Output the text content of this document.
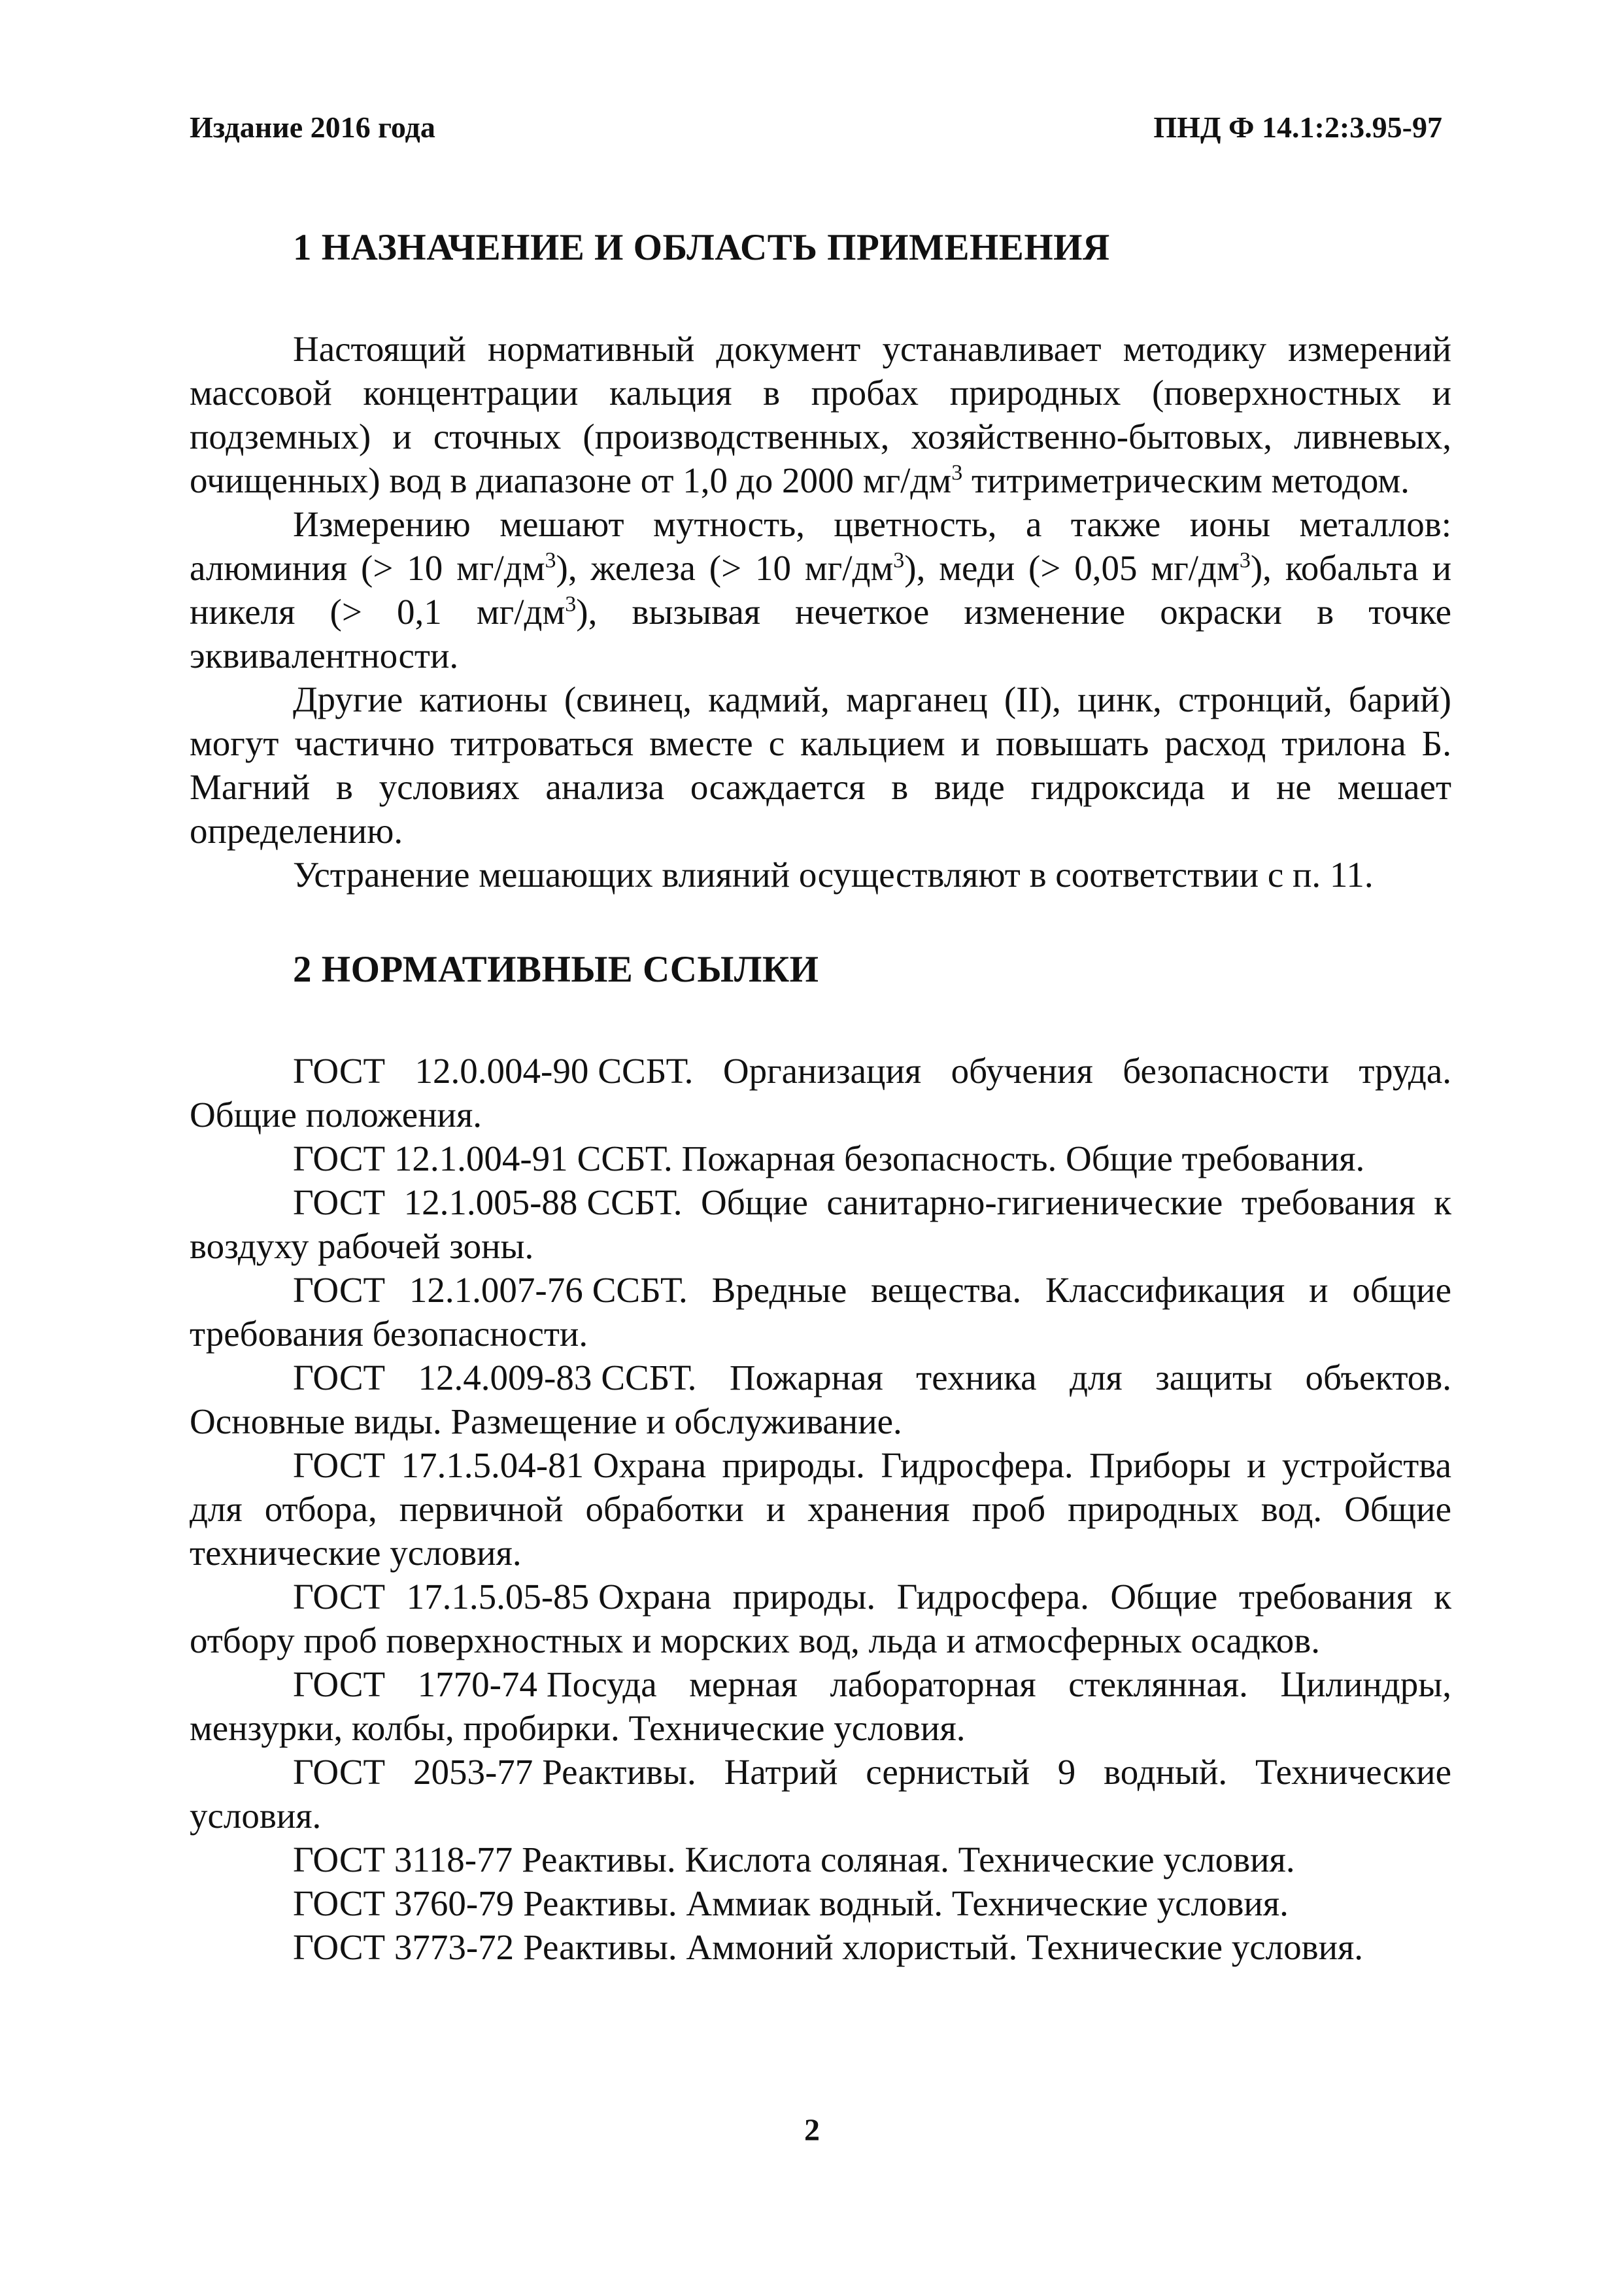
Издание 2016 года	ПНД Ф 14.1:2:3.95-97
1 НАЗНАЧЕНИЕ И ОБЛАСТЬ ПРИМЕНЕНИЯ

Настоящий нормативный документ устанавливает методику измерений массовой концентрации кальция в пробах природных (поверхностных и подземных) и сточных (производственных, хозяйственно-бытовых, ливневых, очищенных) вод в диапазоне от 1,0 до 2000 $мг/дм^3$ титриметрическим методом.

Измерению мешают мутность, цветность, а также ионы металлов: алюминия (> 10 $мг/дм^3$), железа (> 10 $мг/дм^3$), меди (> 0,05 $мг/дм^3$), кобальта и никеля (> 0,1 $мг/дм^3$), вызывая нечеткое изменение окраски в точке эквивалентности.

Другие катионы (свинец, кадмий, марганец (II), цинк, стронций, барий) могут частично титроваться вместе с кальцием и повышать расход трилона Б. Магний в условиях анализа осаждается в виде гидроксида и не мешает определению.

Устранение мешающих влияний осуществляют в соответствии с п. 11.

2 НОРМАТИВНЫЕ ССЫЛКИ

ГОСТ 12.0.004-90 ССБТ. Организация обучения безопасности труда. Общие положения.

ГОСТ 12.1.004-91 ССБТ. Пожарная безопасность. Общие требования.

ГОСТ 12.1.005-88 ССБТ. Общие санитарно-гигиенические требования к воздуху рабочей зоны.

ГОСТ 12.1.007-76 ССБТ. Вредные вещества. Классификация и общие требования безопасности.

ГОСТ 12.4.009-83 ССБТ. Пожарная техника для защиты объектов. Основные виды. Размещение и обслуживание.

ГОСТ 17.1.5.04-81 Охрана природы. Гидросфера. Приборы и устройства для отбора, первичной обработки и хранения проб природных вод. Общие технические условия.

ГОСТ 17.1.5.05-85 Охрана природы. Гидросфера. Общие требования к отбору проб поверхностных и морских вод, льда и атмосферных осадков.

ГОСТ 1770-74 Посуда мерная лабораторная стеклянная. Цилиндры, мензурки, колбы, пробирки. Технические условия.

ГОСТ 2053-77 Реактивы. Натрий сернистый 9 водный. Технические условия.

ГОСТ 3118-77 Реактивы. Кислота соляная. Технические условия.

ГОСТ 3760-79 Реактивы. Аммиак водный. Технические условия.

ГОСТ 3773-72 Реактивы. Аммоний хлористый. Технические условия.

2
